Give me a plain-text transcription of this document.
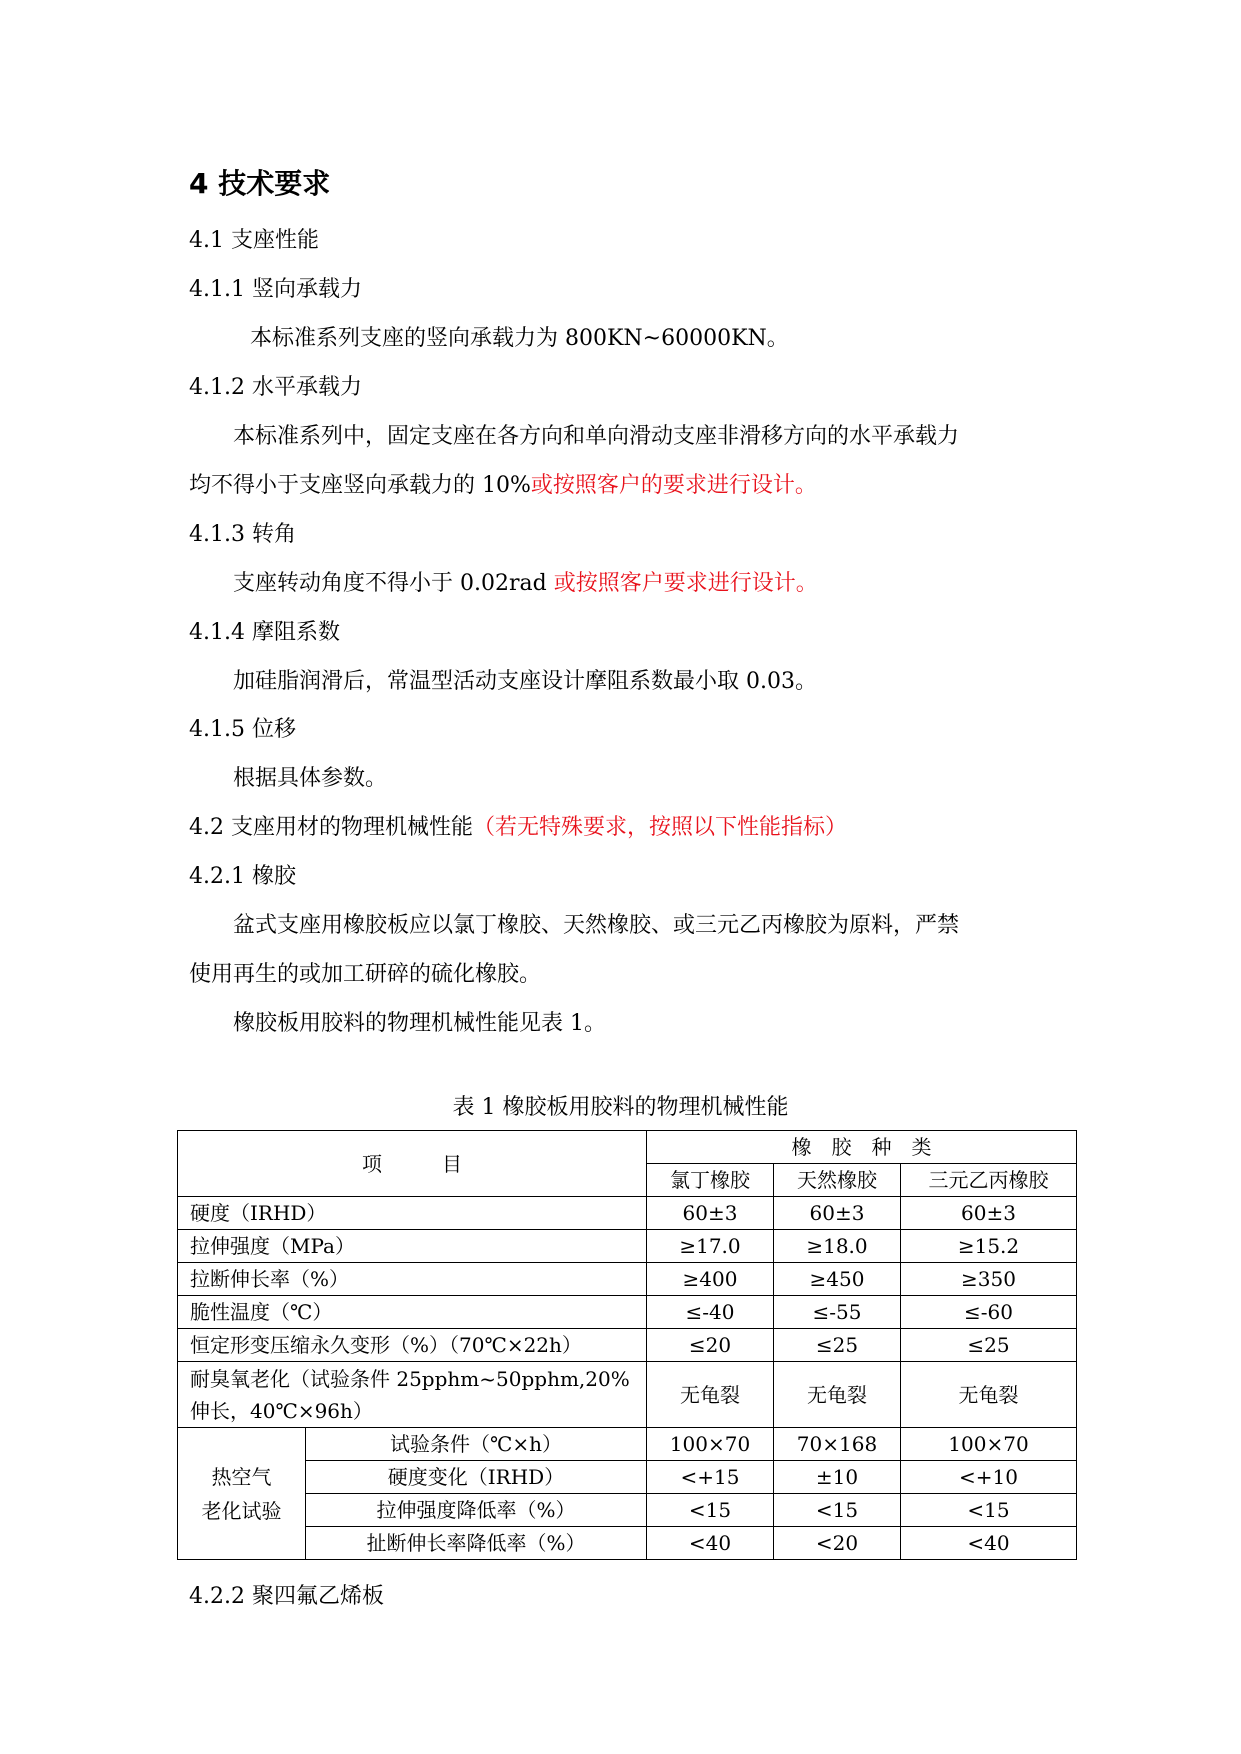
4 技术要求
4.1 支座性能
4.1.1 竖向承载力
本标准系列支座的竖向承载力为 800KN~60000KN。
4.1.2 水平承载力
本标准系列中，固定支座在各方向和单向滑动支座非滑移方向的水平承载力
均不得小于支座竖向承载力的 10%或按照客户的要求进行设计。
4.1.3 转角
支座转动角度不得小于 0.02rad 或按照客户要求进行设计。
4.1.4 摩阻系数
加硅脂润滑后，常温型活动支座设计摩阻系数最小取 0.03。
4.1.5 位移
根据具体参数。
4.2 支座用材的物理机械性能（若无特殊要求，按照以下性能指标）
4.2.1 橡胶
盆式支座用橡胶板应以氯丁橡胶、天然橡胶、或三元乙丙橡胶为原料，严禁
使用再生的或加工研碎的硫化橡胶。
橡胶板用胶料的物理机械性能见表 1。
表 1 橡胶板用胶料的物理机械性能
项　　　目		橡　胶　种　类		
		氯丁橡胶	天然橡胶	三元乙丙橡胶
硬度（IRHD）		60±3	60±3	60±3
拉伸强度（MPa）		≥17.0	≥18.0	≥15.2
拉断伸长率（%）		≥400	≥450	≥350
脆性温度（℃）		≤-40	≤-55	≤-60
恒定形变压缩永久变形（%）（70℃×22h）		≤20	≤25	≤25

耐臭氧老化（试验条件 25pphm~50pphm,20%
伸长，40℃×96h）		无龟裂	无龟裂	无龟裂

热空气
老化试验	试验条件（℃×h）	100×70	70×168	100×70
	硬度变化（IRHD）	<+15	±10	<+10
	拉伸强度降低率（%）	<15	<15	<15
	扯断伸长率降低率（%）	<40	<20	<40
4.2.2 聚四氟乙烯板
